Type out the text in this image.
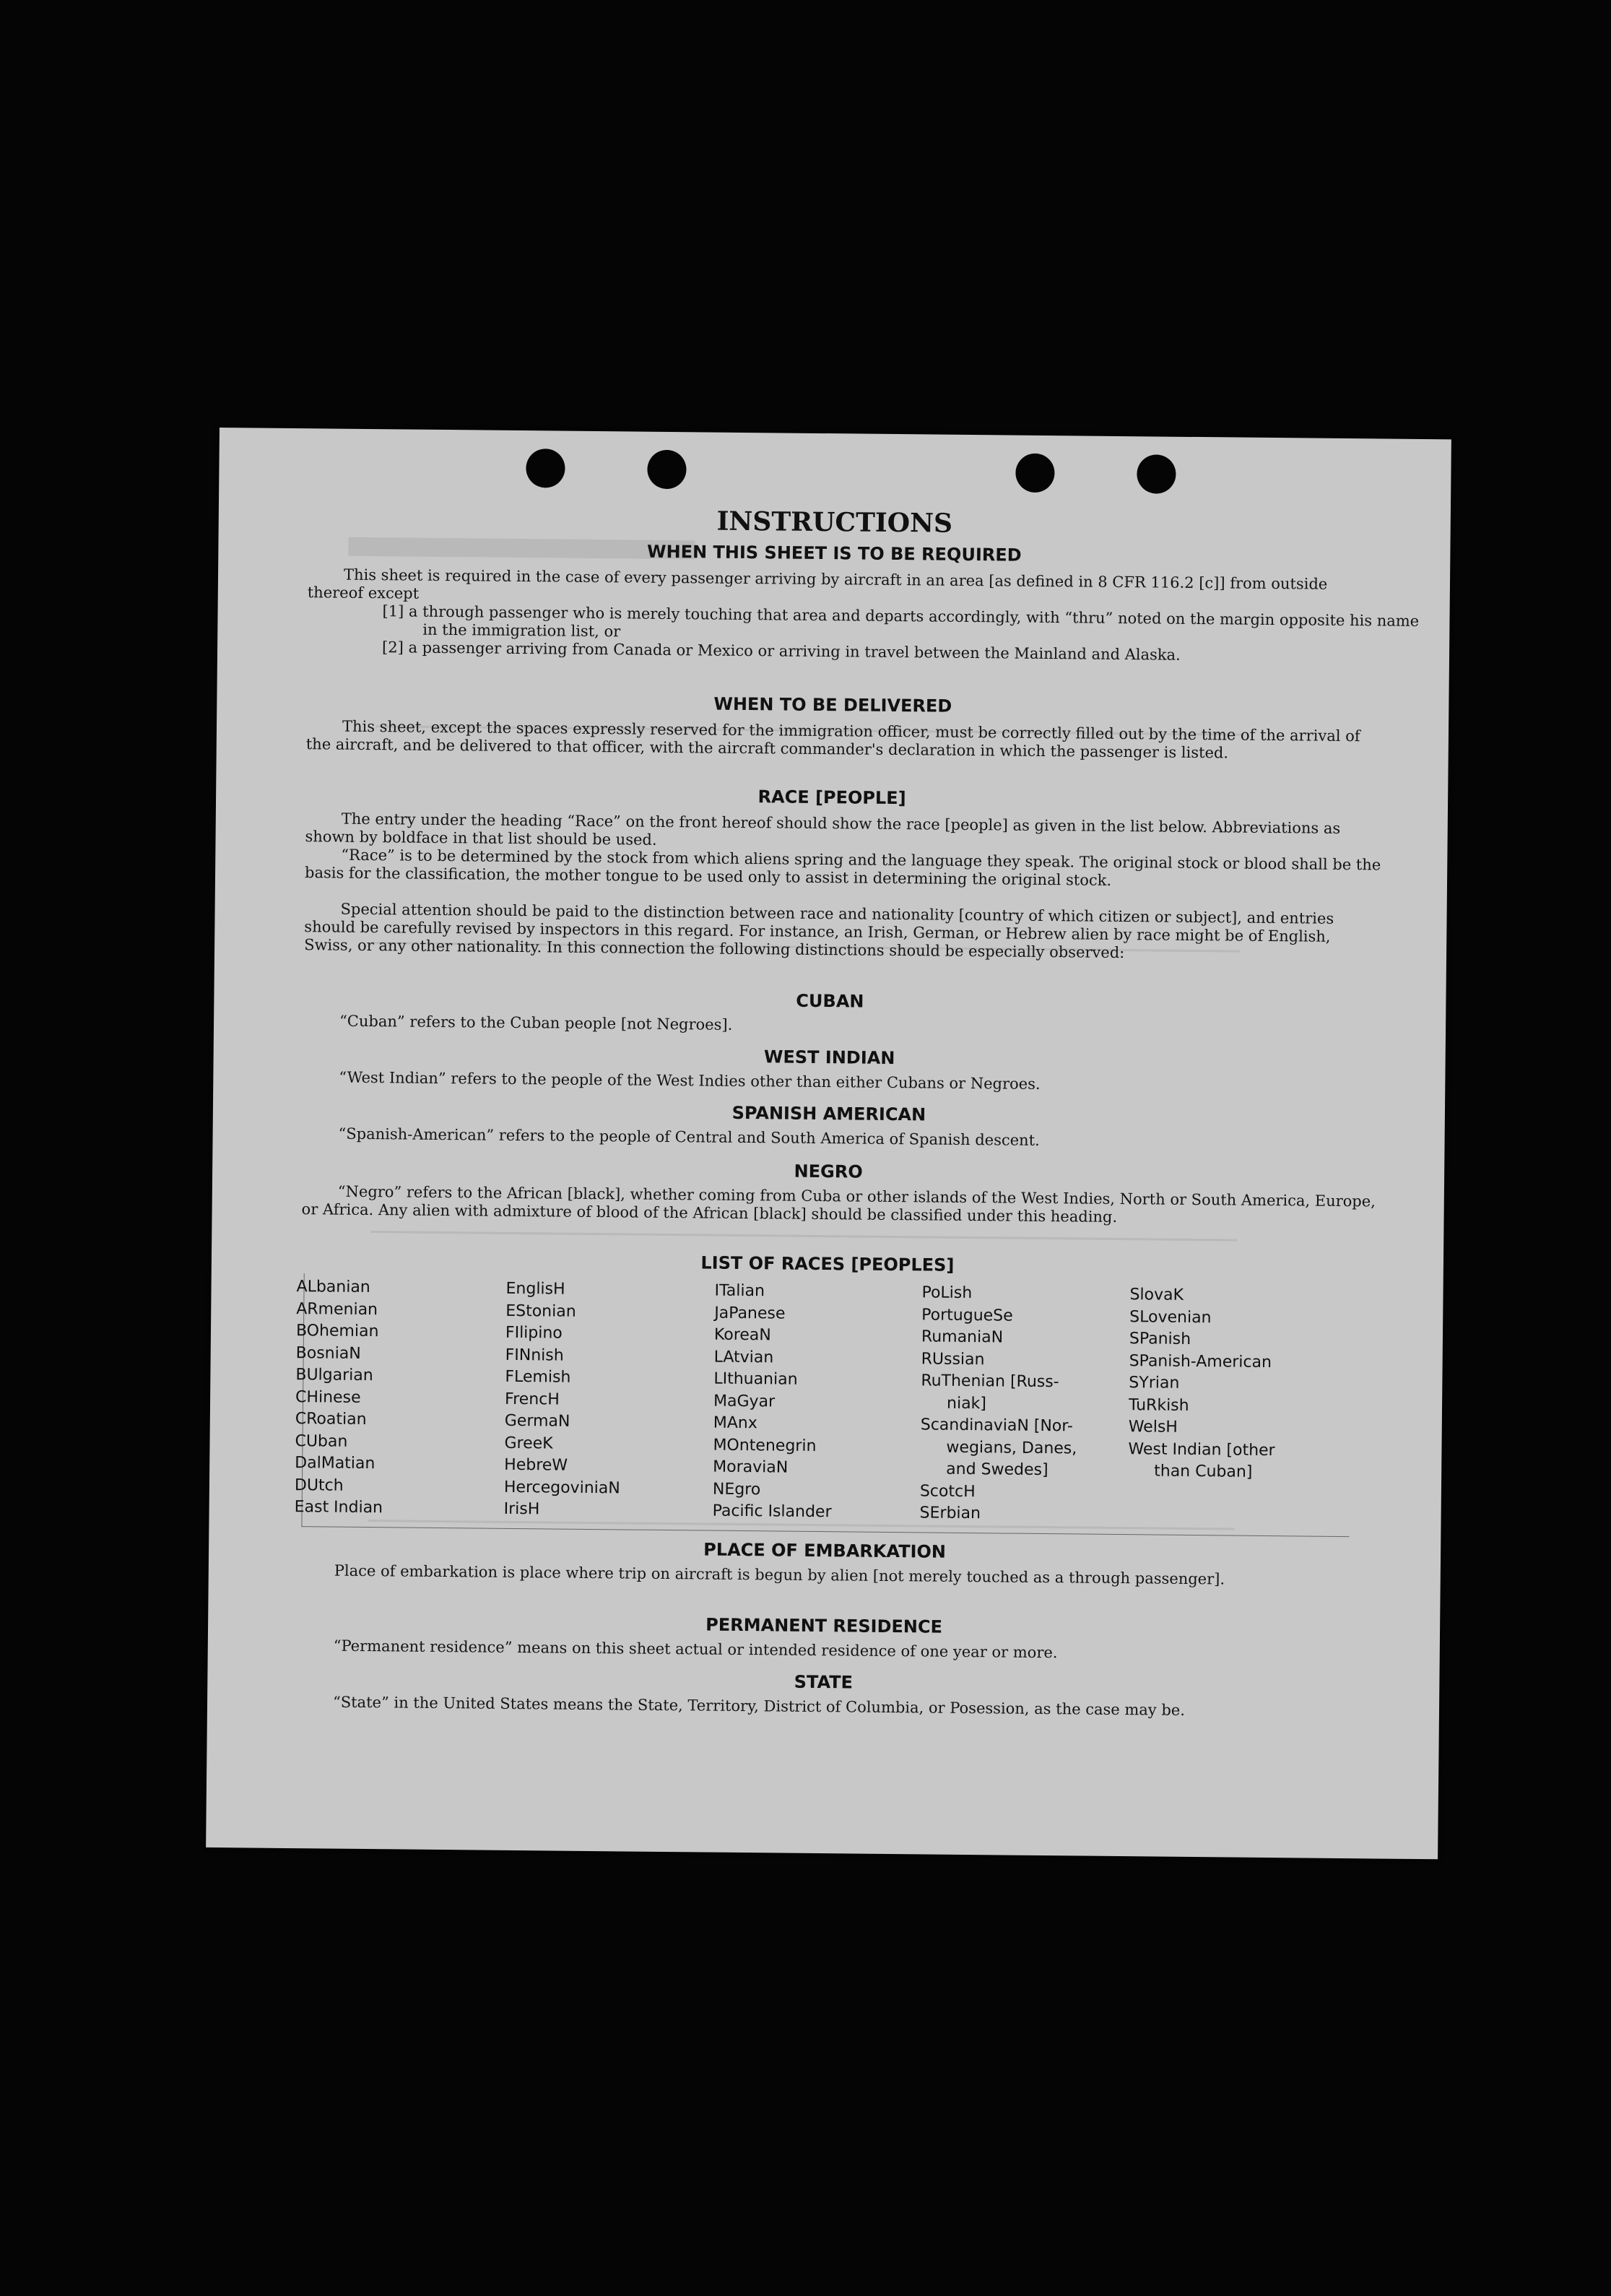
INSTRUCTIONS
WHEN THIS SHEET IS TO BE REQUIRED
This sheet is required in the case of every passenger arriving by aircraft in an area [as defined in 8 CFR 116.2 [c]] from outside thereof except
[1] a through passenger who is merely touching that area and departs accordingly, with “thru” noted on the margin opposite his name in the immigration list, or
[2] a passenger arriving from Canada or Mexico or arriving in travel between the Mainland and Alaska.
WHEN TO BE DELIVERED
This sheet, except the spaces expressly reserved for the immigration officer, must be correctly filled out by the time of the arrival of the aircraft, and be delivered to that officer, with the aircraft commander's declaration in which the passenger is listed.
RACE [PEOPLE]
The entry under the heading “Race” on the front hereof should show the race [people] as given in the list below. Abbreviations as shown by boldface in that list should be used.
“Race” is to be determined by the stock from which aliens spring and the language they speak. The original stock or blood shall be the basis for the classification, the mother tongue to be used only to assist in determining the original stock.
Special attention should be paid to the distinction between race and nationality [country of which citizen or subject], and entries should be carefully revised by inspectors in this regard. For instance, an Irish, German, or Hebrew alien by race might be of English, Swiss, or any other nationality. In this connection the following distinctions should be especially observed:
CUBAN
“Cuban” refers to the Cuban people [not Negroes].
WEST INDIAN
“West Indian” refers to the people of the West Indies other than either Cubans or Negroes.
SPANISH AMERICAN
“Spanish-American” refers to the people of Central and South America of Spanish descent.
NEGRO
“Negro” refers to the African [black], whether coming from Cuba or other islands of the West Indies, North or South America, Europe, or Africa. Any alien with admixture of blood of the African [black] should be classified under this heading.
LIST OF RACES [PEOPLES]
ALbanian
ARmenian
BOhemian
BosniaN
BUlgarian
CHinese
CRoatian
CUban
DalMatian
DUtch
East Indian
EnglisH
EStonian
FIlipino
FINnish
FLemish
FrencH
GermaN
GreeK
HebreW
HercegoviniaN
IrisH
ITalian
JaPanese
KoreaN
LAtvian
LIthuanian
MaGyar
MAnx
MOntenegrin
MoraviaN
NEgro
Pacific Islander
PoLish
PortugueSe
RumaniaN
RUssian
RuThenian [Russ-
niak]
ScandinaviaN [Nor-
wegians, Danes,
and Swedes]
ScotcH
SErbian
SlovaK
SLovenian
SPanish
SPanish-American
SYrian
TuRkish
WelsH
West Indian [other
than Cuban]
PLACE OF EMBARKATION
Place of embarkation is place where trip on aircraft is begun by alien [not merely touched as a through passenger].
PERMANENT RESIDENCE
“Permanent residence” means on this sheet actual or intended residence of one year or more.
STATE
“State” in the United States means the State, Territory, District of Columbia, or Posession, as the case may be.
